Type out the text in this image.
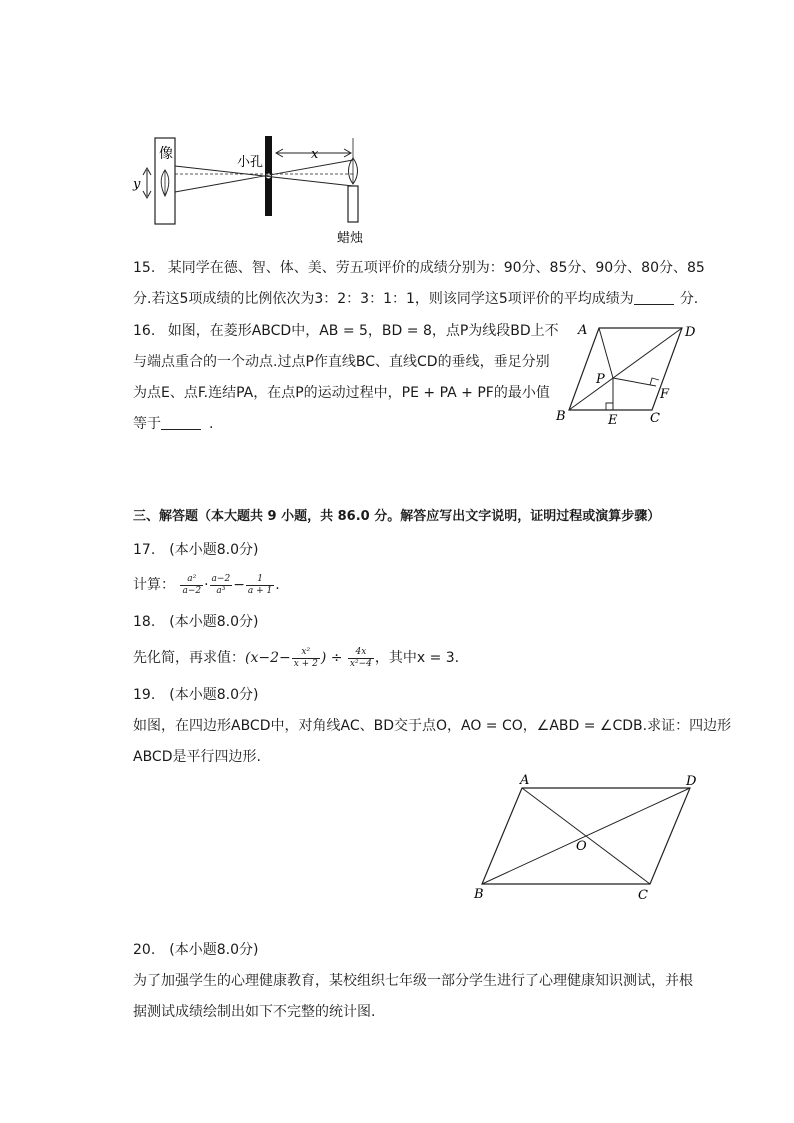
像
y
小孔
x
蜡烛
15. 某同学在德、智、体、美、劳五项评价的成绩分别为：90分、85分、90分、80分、85
分.若这5项成绩的比例依次为3：2：3：1：1，则该同学这5项评价的平均成绩为	分.
16. 如图，在菱形ABCD中，AB = 5，BD = 8，点P为线段BD上不
与端点重合的一个动点.过点P作直线BC、直线CD的垂线，垂足分别
为点E、点F.连结PA，在点P的运动过程中，PE + PA + PF的最小值
等于	.
A	D
P
F
B	E	C
三、解答题（本大题共 9 小题，共 86.0 分。解答应写出文字说明，证明过程或演算步骤）
17.　(本小题8.0分)
计算： $\frac{\text{a²}}{a-2} \cdot \frac{a-2}{\text{a³}} - \frac{1}{a + 1}$ .
18.　(本小题8.0分)
先化简，再求值：($x-2- \frac{\text{x²}}{x + 2}$ ) ÷ $\frac{4x}{\text{x²−4}}$ ，其中x = 3.
19.　(本小题8.0分)
如图，在四边形ABCD中，对角线AC、BD交于点O，AO = CO，∠ABD = ∠CDB.求证：四边形
ABCD是平行四边形.
A	D
O
B	C
20.　(本小题8.0分)
为了加强学生的心理健康教育，某校组织七年级一部分学生进行了心理健康知识测试，并根
据测试成绩绘制出如下不完整的统计图.
